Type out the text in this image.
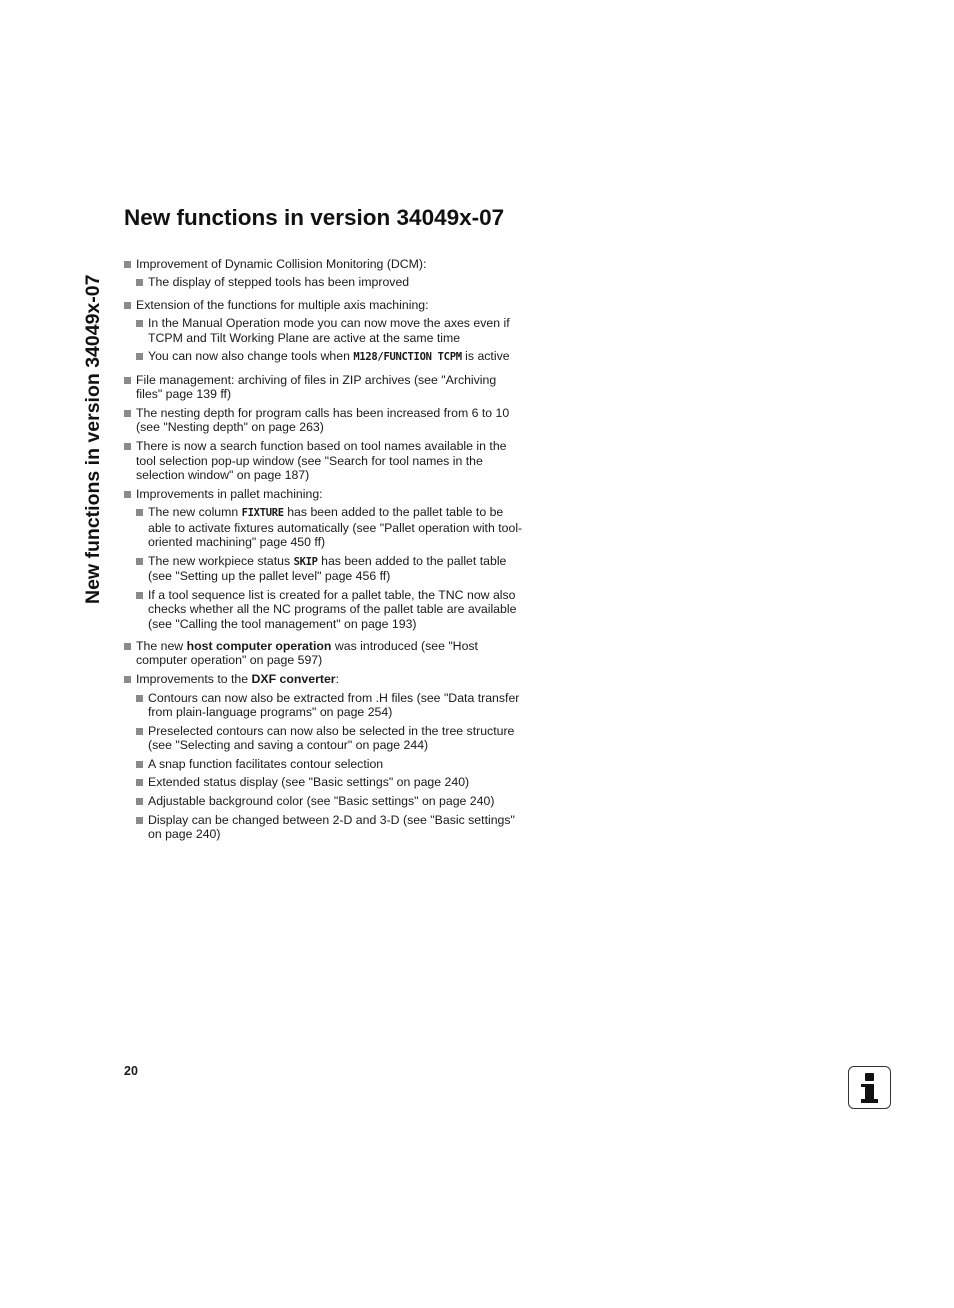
New functions in version 34049x-07
New functions in version 34049x-07
Improvement of Dynamic Collision Monitoring (DCM):
The display of stepped tools has been improved
Extension of the functions for multiple axis machining:
In the Manual Operation mode you can now move the axes even if TCPM and Tilt Working Plane are active at the same time
You can now also change tools when M128/FUNCTION TCPM is active
File management: archiving of files in ZIP archives (see "Archiving files" page 139 ff)
The nesting depth for program calls has been increased from 6 to 10 (see "Nesting depth" on page 263)
There is now a search function based on tool names available in the tool selection pop-up window (see "Search for tool names in the selection window" on page 187)
Improvements in pallet machining:
The new column FIXTURE has been added to the pallet table to be able to activate fixtures automatically (see "Pallet operation with tool-oriented machining" page 450 ff)
The new workpiece status SKIP has been added to the pallet table (see "Setting up the pallet level" page 456 ff)
If a tool sequence list is created for a pallet table, the TNC now also checks whether all the NC programs of the pallet table are available (see "Calling the tool management" on page 193)
The new host computer operation was introduced (see "Host computer operation" on page 597)
Improvements to the DXF converter:
Contours can now also be extracted from .H files (see "Data transfer from plain-language programs" on page 254)
Preselected contours can now also be selected in the tree structure (see "Selecting and saving a contour" on page 244)
A snap function facilitates contour selection
Extended status display (see "Basic settings" on page 240)
Adjustable background color (see "Basic settings" on page 240)
Display can be changed between 2-D and 3-D (see "Basic settings" on page 240)
20
